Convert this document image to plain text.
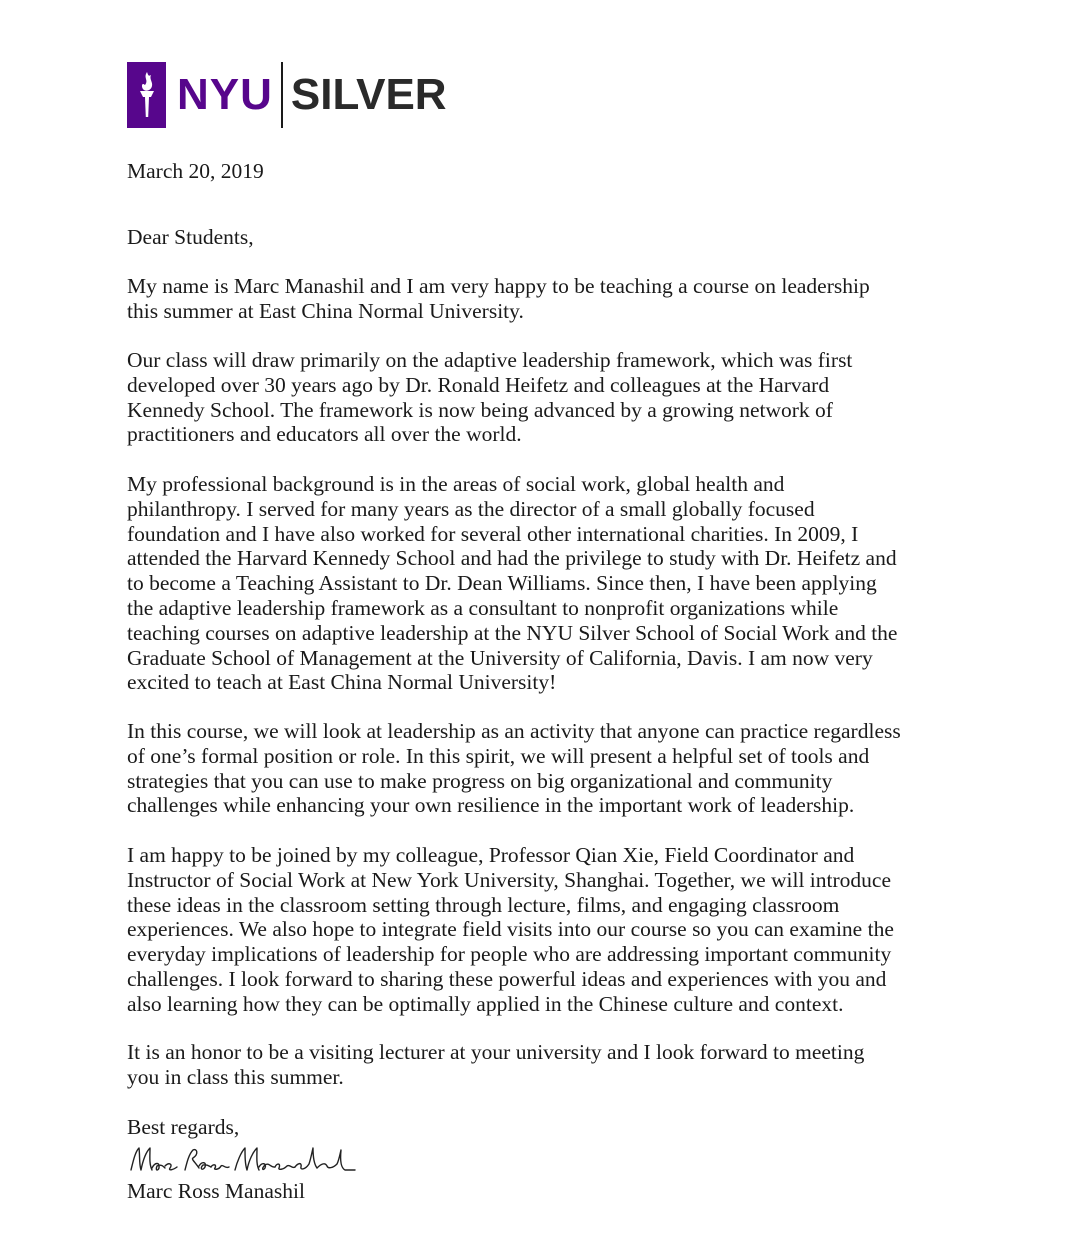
NYU SILVER

March 20, 2019

Dear Students,

My name is Marc Manashil and I am very happy to be teaching a course on leadership
this summer at East China Normal University.

Our class will draw primarily on the adaptive leadership framework, which was first
developed over 30 years ago by Dr. Ronald Heifetz and colleagues at the Harvard
Kennedy School. The framework is now being advanced by a growing network of
practitioners and educators all over the world.

My professional background is in the areas of social work, global health and
philanthropy. I served for many years as the director of a small globally focused
foundation and I have also worked for several other international charities. In 2009, I
attended the Harvard Kennedy School and had the privilege to study with Dr. Heifetz and
to become a Teaching Assistant to Dr. Dean Williams. Since then, I have been applying
the adaptive leadership framework as a consultant to nonprofit organizations while
teaching courses on adaptive leadership at the NYU Silver School of Social Work and the
Graduate School of Management at the University of California, Davis. I am now very
excited to teach at East China Normal University!

In this course, we will look at leadership as an activity that anyone can practice regardless
of one’s formal position or role. In this spirit, we will present a helpful set of tools and
strategies that you can use to make progress on big organizational and community
challenges while enhancing your own resilience in the important work of leadership.

I am happy to be joined by my colleague, Professor Qian Xie, Field Coordinator and
Instructor of Social Work at New York University, Shanghai. Together, we will introduce
these ideas in the classroom setting through lecture, films, and engaging classroom
experiences. We also hope to integrate field visits into our course so you can examine the
everyday implications of leadership for people who are addressing important community
challenges. I look forward to sharing these powerful ideas and experiences with you and
also learning how they can be optimally applied in the Chinese culture and context.

It is an honor to be a visiting lecturer at your university and I look forward to meeting
you in class this summer.

Best regards,

Marc Ross Manashil
